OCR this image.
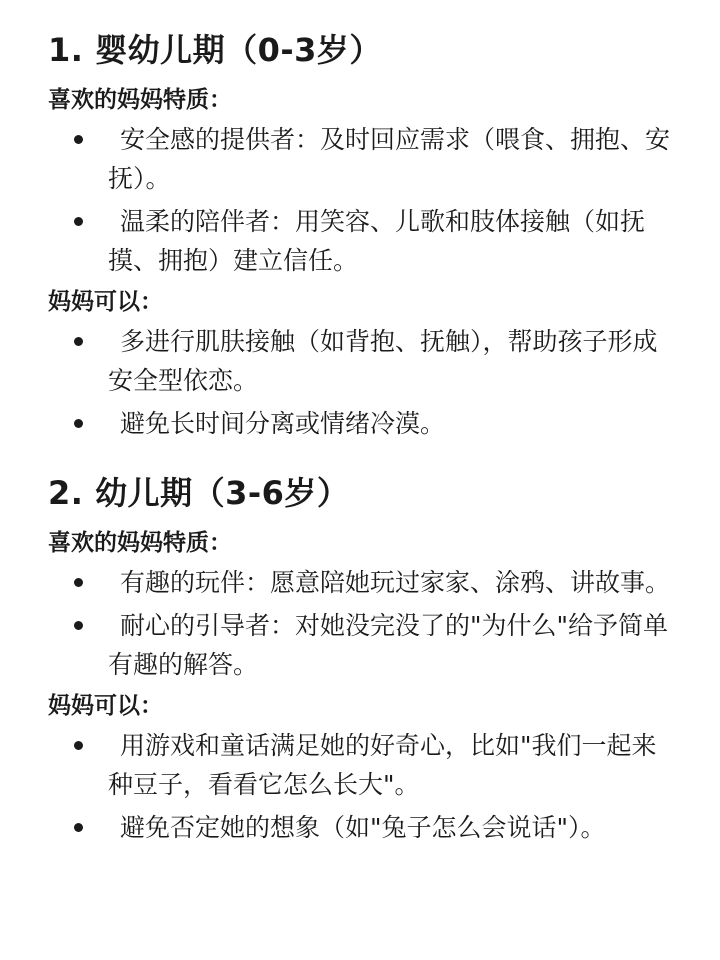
1. 婴幼儿期（0-3岁）
喜欢的妈妈特质：
安全感的提供者：及时回应需求（喂食、拥抱、安抚）。
温柔的陪伴者：用笑容、儿歌和肢体接触（如抚摸、拥抱）建立信任。
妈妈可以：
多进行肌肤接触（如背抱、抚触），帮助孩子形成安全型依恋。
避免长时间分离或情绪冷漠。
2. 幼儿期（3-6岁）
喜欢的妈妈特质：
有趣的玩伴：愿意陪她玩过家家、涂鸦、讲故事。
耐心的引导者：对她没完没了的"为什么"给予简单有趣的解答。
妈妈可以：
用游戏和童话满足她的好奇心，比如"我们一起来种豆子，看看它怎么长大"。
避免否定她的想象（如"兔子怎么会说话"）。
